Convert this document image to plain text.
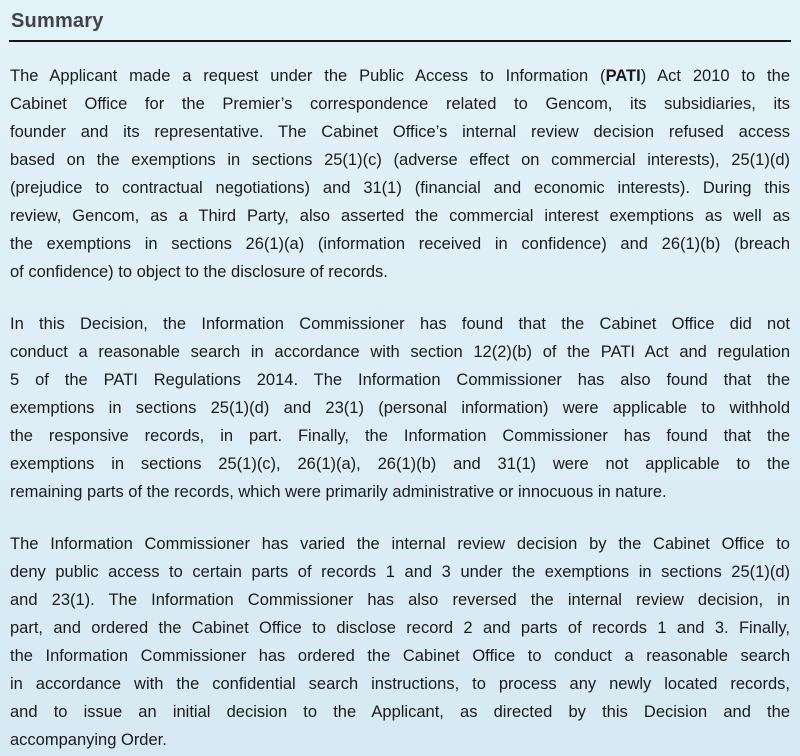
Summary
The Applicant made a request under the Public Access to Information (PATI) Act 2010 to the
Cabinet Office for the Premier’s correspondence related to Gencom, its subsidiaries, its
founder and its representative. The Cabinet Office’s internal review decision refused access
based on the exemptions in sections 25(1)(c) (adverse effect on commercial interests), 25(1)(d)
(prejudice to contractual negotiations) and 31(1) (financial and economic interests). During this
review, Gencom, as a Third Party, also asserted the commercial interest exemptions as well as
the exemptions in sections 26(1)(a) (information received in confidence) and 26(1)(b) (breach
of confidence) to object to the disclosure of records.
In this Decision, the Information Commissioner has found that the Cabinet Office did not
conduct a reasonable search in accordance with section 12(2)(b) of the PATI Act and regulation
5 of the PATI Regulations 2014. The Information Commissioner has also found that the
exemptions in sections 25(1)(d) and 23(1) (personal information) were applicable to withhold
the responsive records, in part. Finally, the Information Commissioner has found that the
exemptions in sections 25(1)(c), 26(1)(a), 26(1)(b) and 31(1) were not applicable to the
remaining parts of the records, which were primarily administrative or innocuous in nature.
The Information Commissioner has varied the internal review decision by the Cabinet Office to
deny public access to certain parts of records 1 and 3 under the exemptions in sections 25(1)(d)
and 23(1). The Information Commissioner has also reversed the internal review decision, in
part, and ordered the Cabinet Office to disclose record 2 and parts of records 1 and 3. Finally,
the Information Commissioner has ordered the Cabinet Office to conduct a reasonable search
in accordance with the confidential search instructions, to process any newly located records,
and to issue an initial decision to the Applicant, as directed by this Decision and the
accompanying Order.
